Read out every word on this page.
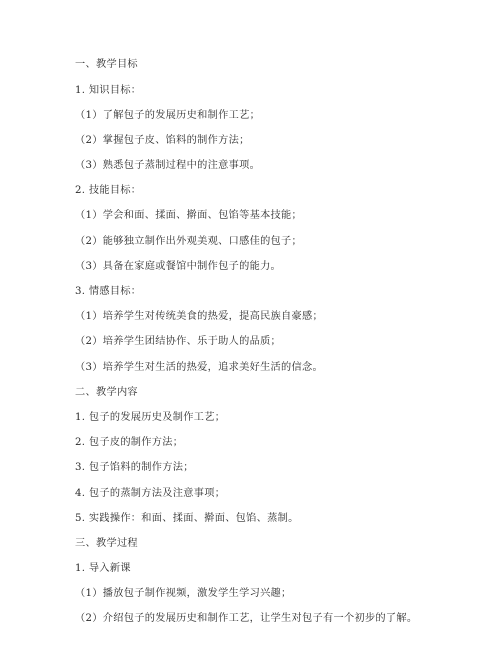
一、教学目标
1. 知识目标：
（1）了解包子的发展历史和制作工艺；
（2）掌握包子皮、馅料的制作方法；
（3）熟悉包子蒸制过程中的注意事项。
2. 技能目标：
（1）学会和面、揉面、擀面、包馅等基本技能；
（2）能够独立制作出外观美观、口感佳的包子；
（3）具备在家庭或餐馆中制作包子的能力。
3. 情感目标：
（1）培养学生对传统美食的热爱，提高民族自豪感；
（2）培养学生团结协作、乐于助人的品质；
（3）培养学生对生活的热爱，追求美好生活的信念。
二、教学内容
1. 包子的发展历史及制作工艺；
2. 包子皮的制作方法；
3. 包子馅料的制作方法；
4. 包子的蒸制方法及注意事项；
5. 实践操作：和面、揉面、擀面、包馅、蒸制。
三、教学过程
1. 导入新课
（1）播放包子制作视频，激发学生学习兴趣；
（2）介绍包子的发展历史和制作工艺，让学生对包子有一个初步的了解。
